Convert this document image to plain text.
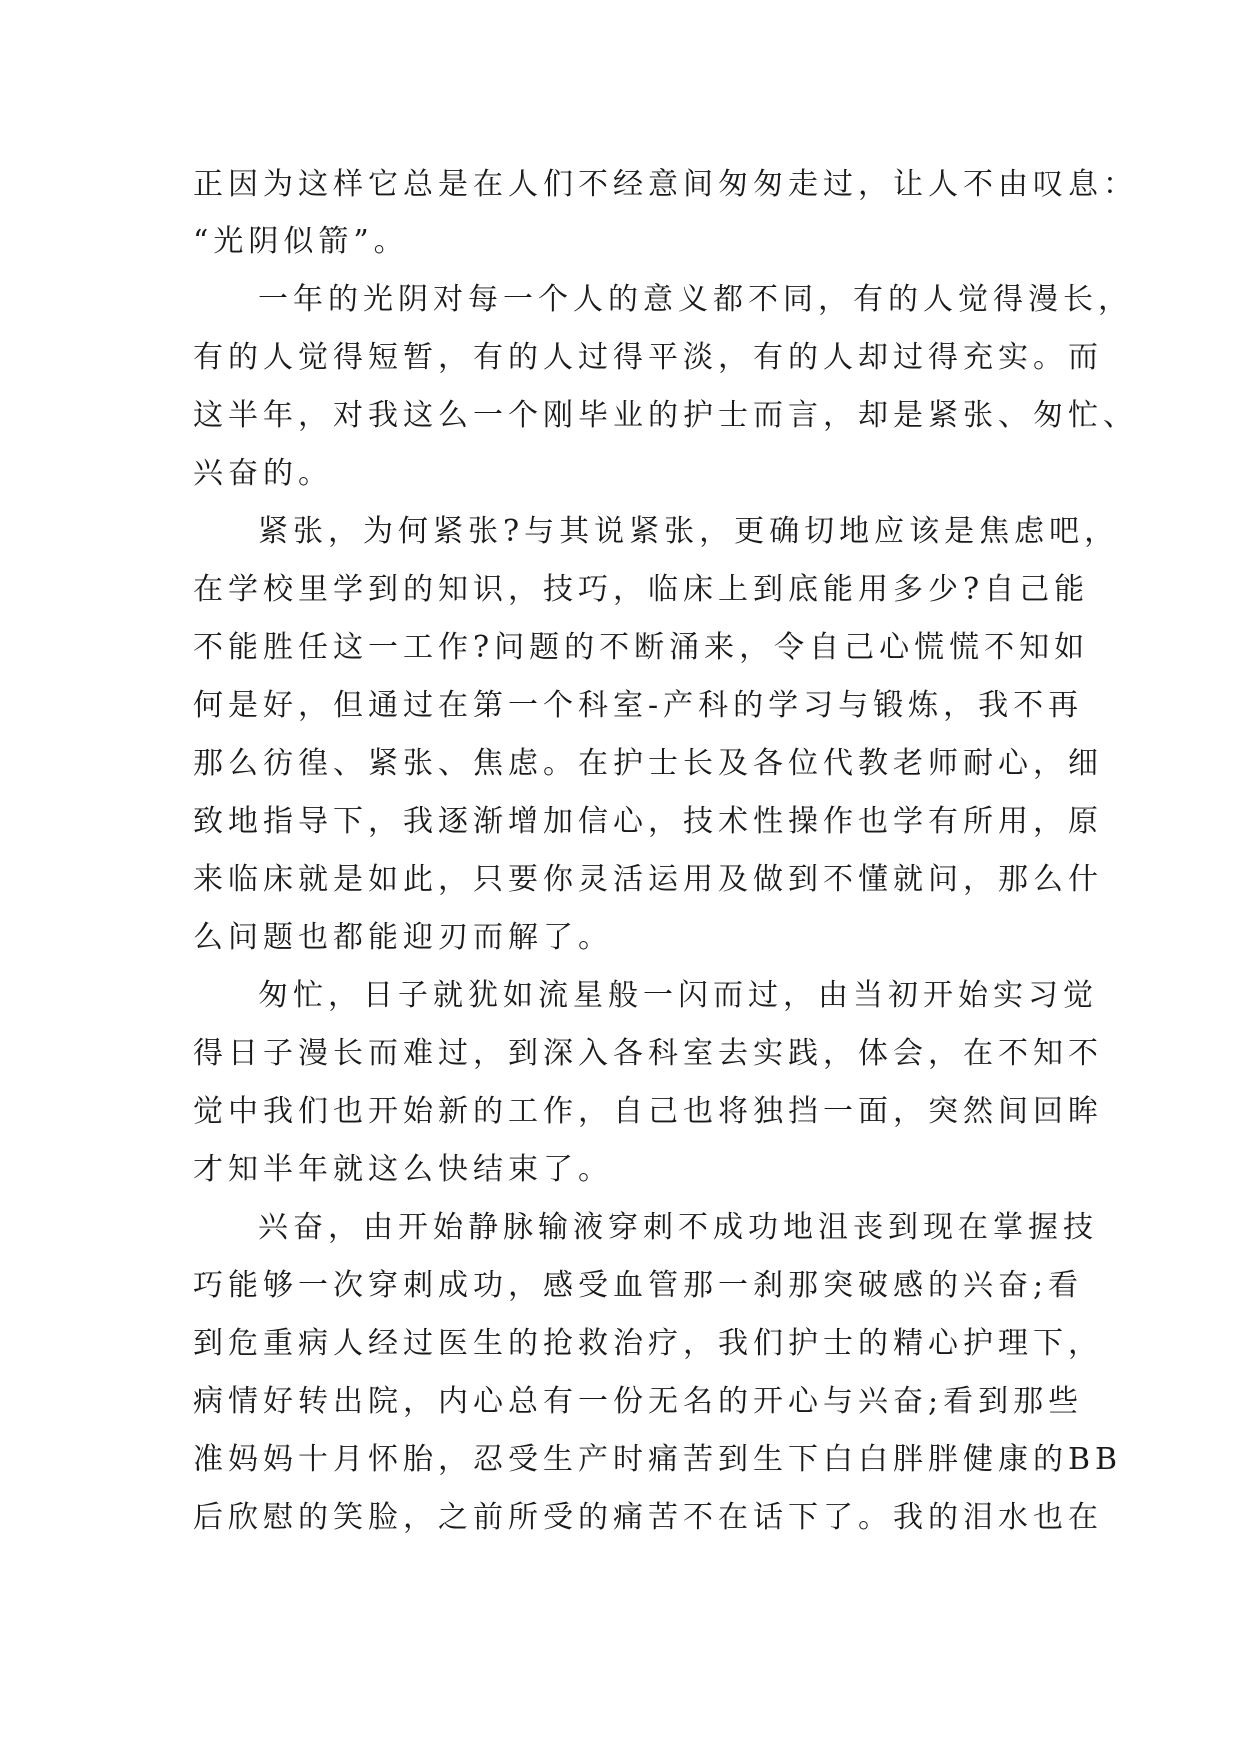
正因为这样它总是在人们不经意间匆匆走过，让人不由叹息：
“光阴似箭”。
一年的光阴对每一个人的意义都不同，有的人觉得漫长，
有的人觉得短暂，有的人过得平淡，有的人却过得充实。而
这半年，对我这么一个刚毕业的护士而言，却是紧张、匆忙、
兴奋的。
紧张，为何紧张?与其说紧张，更确切地应该是焦虑吧，
在学校里学到的知识，技巧，临床上到底能用多少?自己能
不能胜任这一工作?问题的不断涌来，令自己心慌慌不知如
何是好，但通过在第一个科室-产科的学习与锻炼，我不再
那么彷徨、紧张、焦虑。在护士长及各位代教老师耐心，细
致地指导下，我逐渐增加信心，技术性操作也学有所用，原
来临床就是如此，只要你灵活运用及做到不懂就问，那么什
么问题也都能迎刃而解了。
匆忙，日子就犹如流星般一闪而过，由当初开始实习觉
得日子漫长而难过，到深入各科室去实践，体会，在不知不
觉中我们也开始新的工作，自己也将独挡一面，突然间回眸
才知半年就这么快结束了。
兴奋，由开始静脉输液穿刺不成功地沮丧到现在掌握技
巧能够一次穿刺成功，感受血管那一刹那突破感的兴奋;看
到危重病人经过医生的抢救治疗，我们护士的精心护理下，
病情好转出院，内心总有一份无名的开心与兴奋;看到那些
准妈妈十月怀胎，忍受生产时痛苦到生下白白胖胖健康的BB
后欣慰的笑脸，之前所受的痛苦不在话下了。我的泪水也在
